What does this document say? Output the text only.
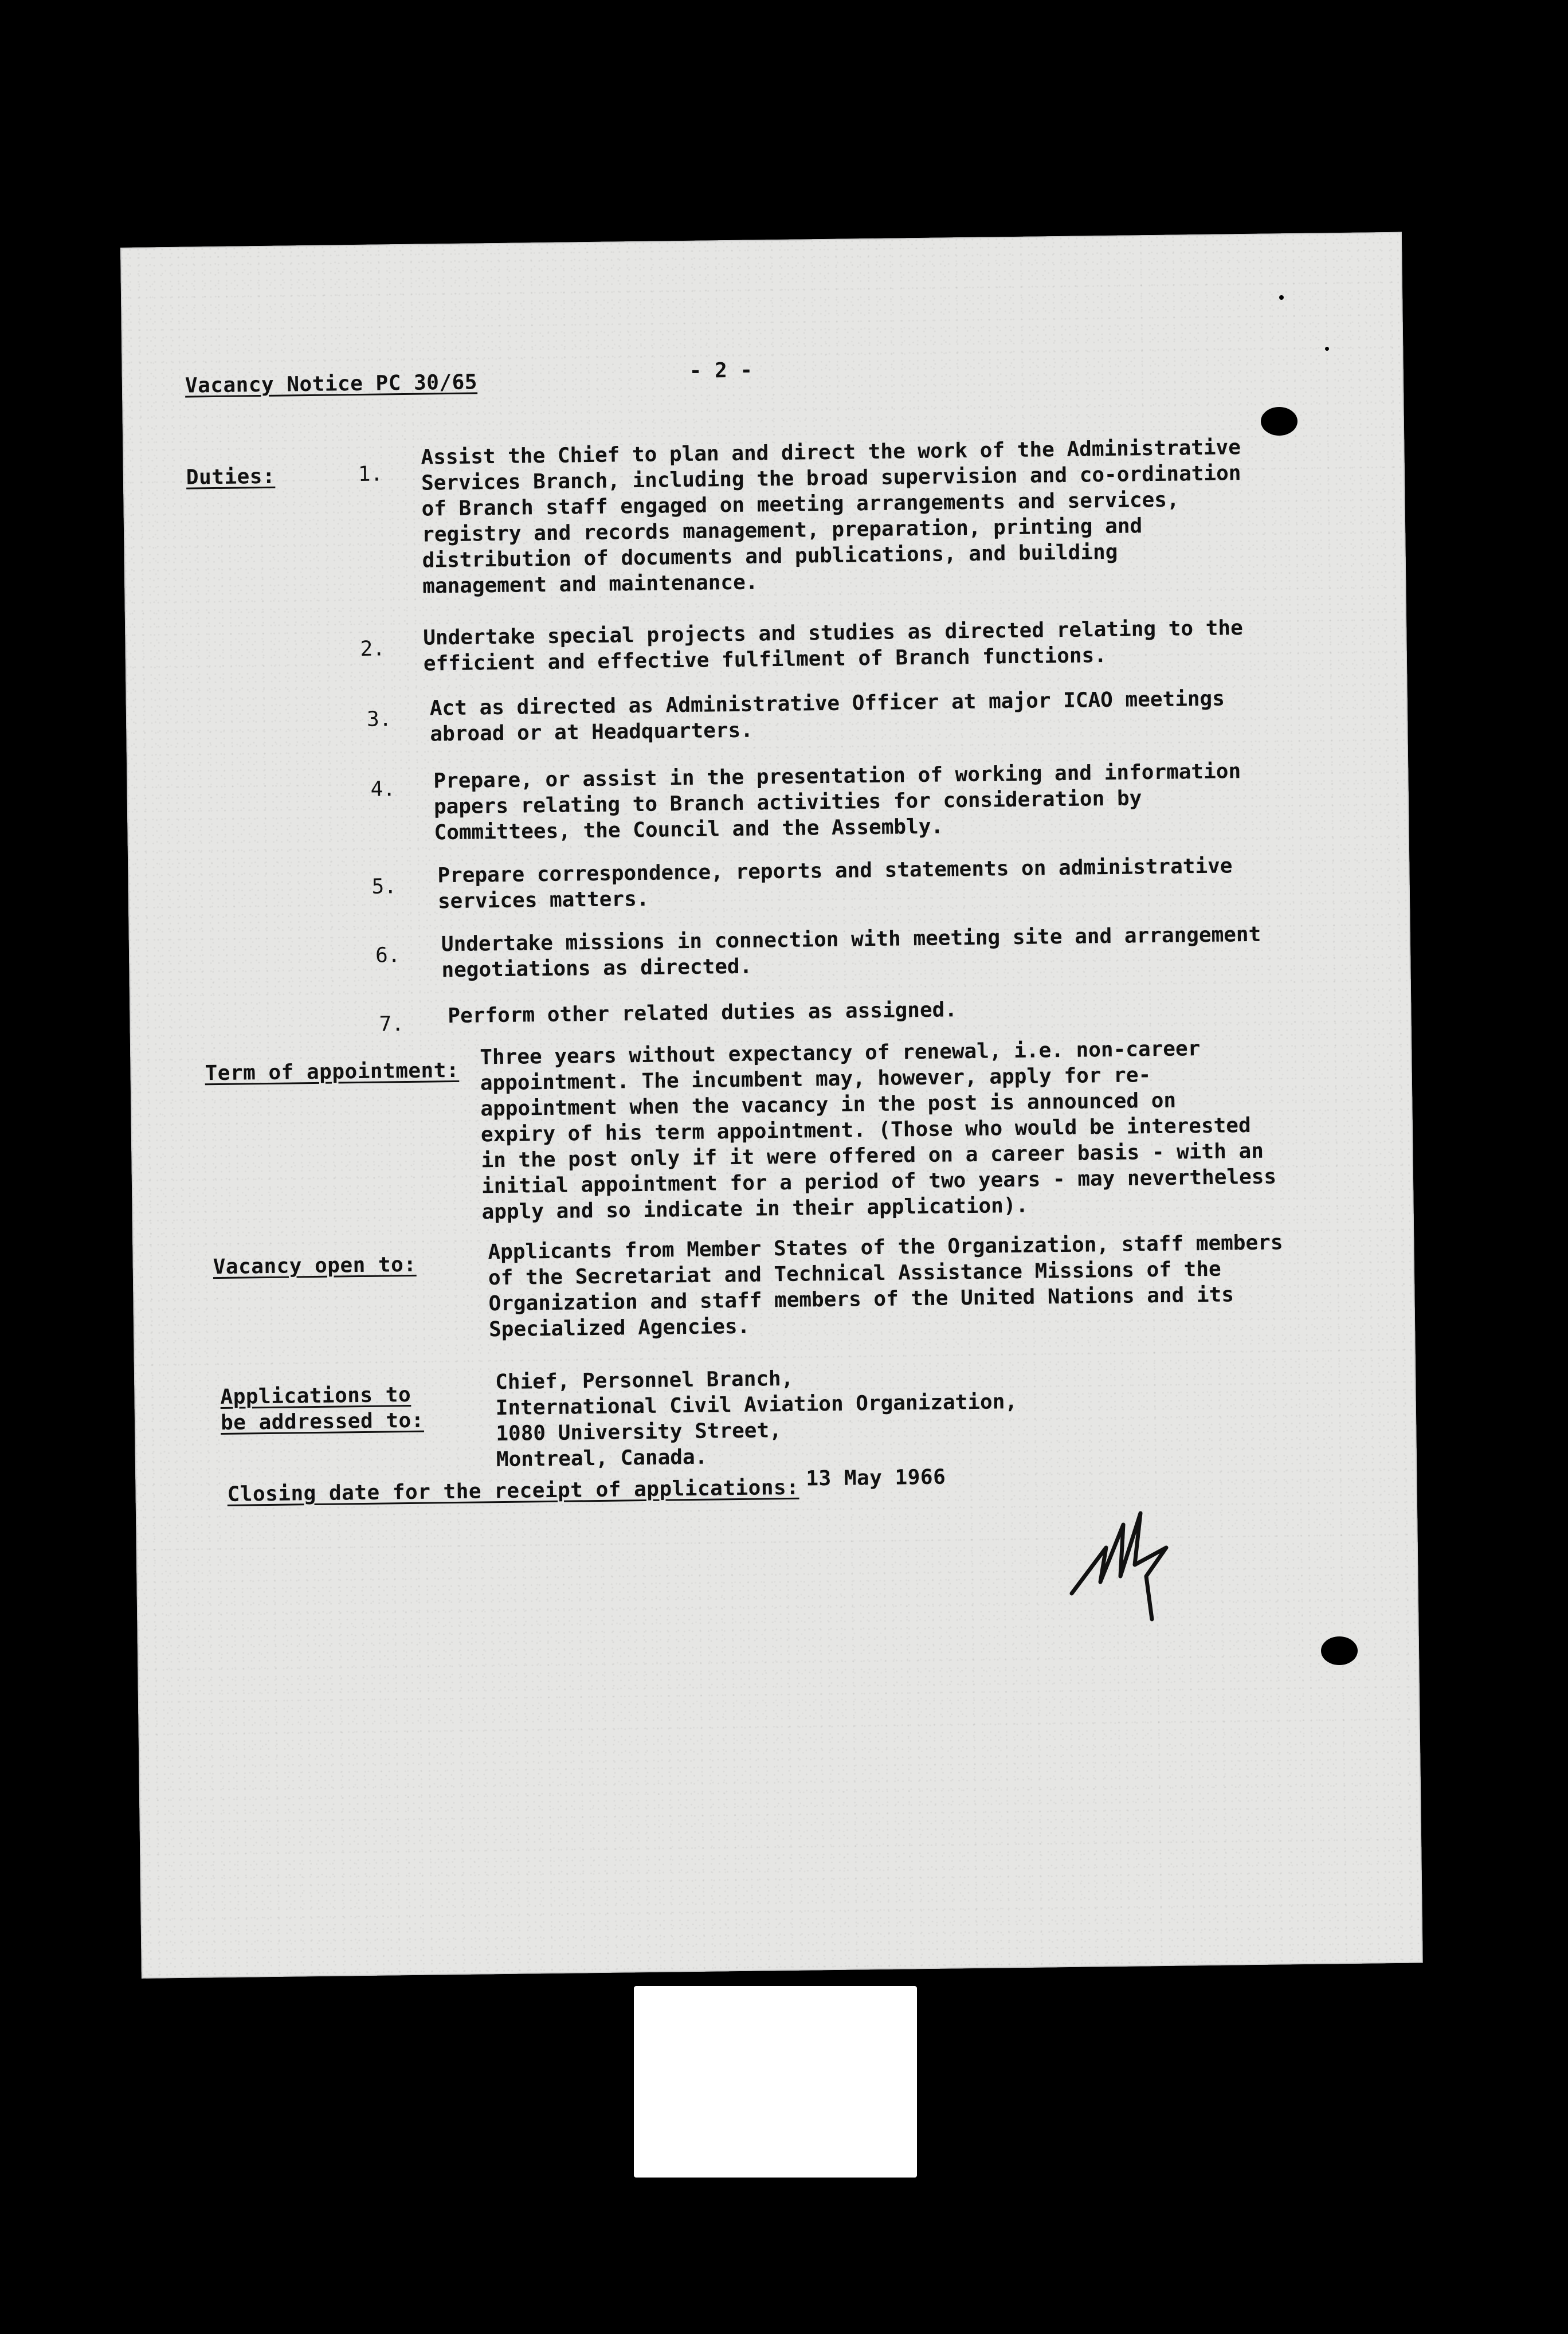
Vacancy Notice PC 30/65	- 2 -
Duties:	1.
Assist the Chief to plan and direct the work of the Administrative
Services Branch, including the broad supervision and co-ordination
of Branch staff engaged on meeting arrangements and services,
registry and records management, preparation, printing and
distribution of documents and publications, and building
management and maintenance.
2. Undertake special projects and studies as directed relating to the
efficient and effective fulfilment of Branch functions.
3. Act as directed as Administrative Officer at major ICAO meetings
abroad or at Headquarters.
4. Prepare, or assist in the presentation of working and information
papers relating to Branch activities for consideration by
Committees, the Council and the Assembly.
5. Prepare correspondence, reports and statements on administrative
services matters.
6. Undertake missions in connection with meeting site and arrangement
negotiations as directed.
7. Perform other related duties as assigned.
Term of appointment:
Three years without expectancy of renewal, i.e. non-career
appointment. The incumbent may, however, apply for re-
appointment when the vacancy in the post is announced on
expiry of his term appointment. (Those who would be interested
in the post only if it were offered on a career basis - with an
initial appointment for a period of two years - may nevertheless
apply and so indicate in their application).
Vacancy open to:
Applicants from Member States of the Organization, staff members
of the Secretariat and Technical Assistance Missions of the
Organization and staff members of the United Nations and its
Specialized Agencies.
Applications to
be addressed to:
Chief, Personnel Branch,
International Civil Aviation Organization,
1080 University Street,
Montreal, Canada.
Closing date for the receipt of applications: 13 May 1966
